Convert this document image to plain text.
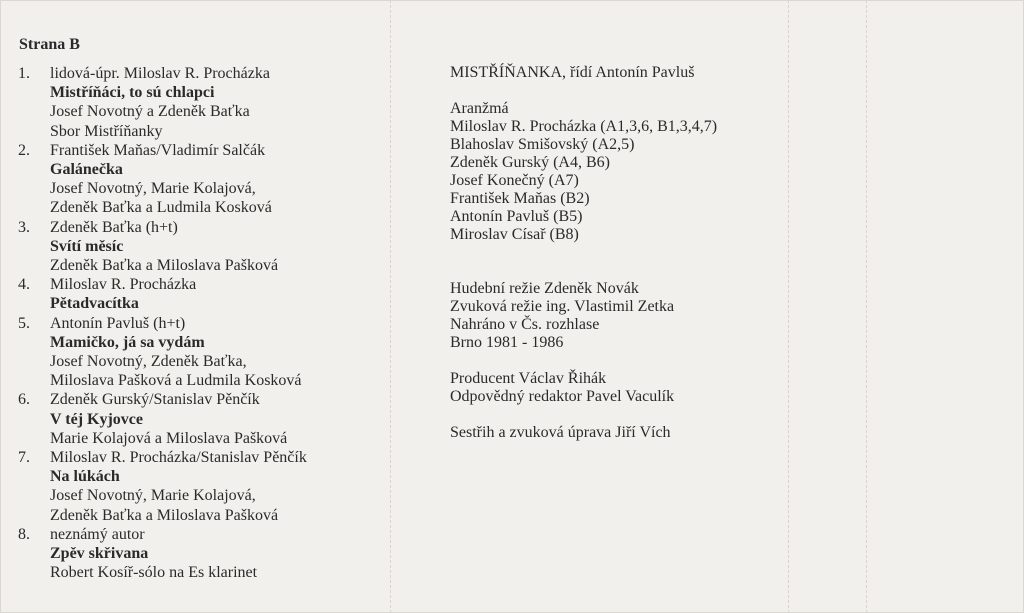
Strana B
1.	lidová-úpr. Miloslav R. Procházka
Mistříňáci, to sú chlapci
Josef Novotný a Zdeněk Baťka
Sbor Mistříňanky
2.	František Maňas/Vladimír Salčák
Galánečka
Josef Novotný, Marie Kolajová,
Zdeněk Baťka a Ludmila Kosková
3.	Zdeněk Baťka (h+t)
Svítí měsíc
Zdeněk Baťka a Miloslava Pašková
4.	Miloslav R. Procházka
Pětadvacítka
5.	Antonín Pavluš (h+t)
Mamičko, já sa vydám
Josef Novotný, Zdeněk Baťka,
Miloslava Pašková a Ludmila Kosková
6.	Zdeněk Gurský/Stanislav Pěnčík
V téj Kyjovce
Marie Kolajová a Miloslava Pašková
7.	Miloslav R. Procházka/Stanislav Pěnčík
Na lúkách
Josef Novotný, Marie Kolajová,
Zdeněk Baťka a Miloslava Pašková
8.	neznámý autor
Zpěv skřivana
Robert Kosíř-sólo na Es klarinet
MISTŘÍŇANKA, řídí Antonín Pavluš
Aranžmá
Miloslav R. Procházka (A1,3,6, B1,3,4,7)
Blahoslav Smišovský (A2,5)
Zdeněk Gurský (A4, B6)
Josef Konečný (A7)
František Maňas (B2)
Antonín Pavluš (B5)
Miroslav Císař (B8)
Hudební režie Zdeněk Novák
Zvuková režie ing. Vlastimil Zetka
Nahráno v Čs. rozhlase
Brno 1981 - 1986
Producent Václav Řihák
Odpovědný redaktor Pavel Vaculík
Sestřih a zvuková úprava Jiří Vích
